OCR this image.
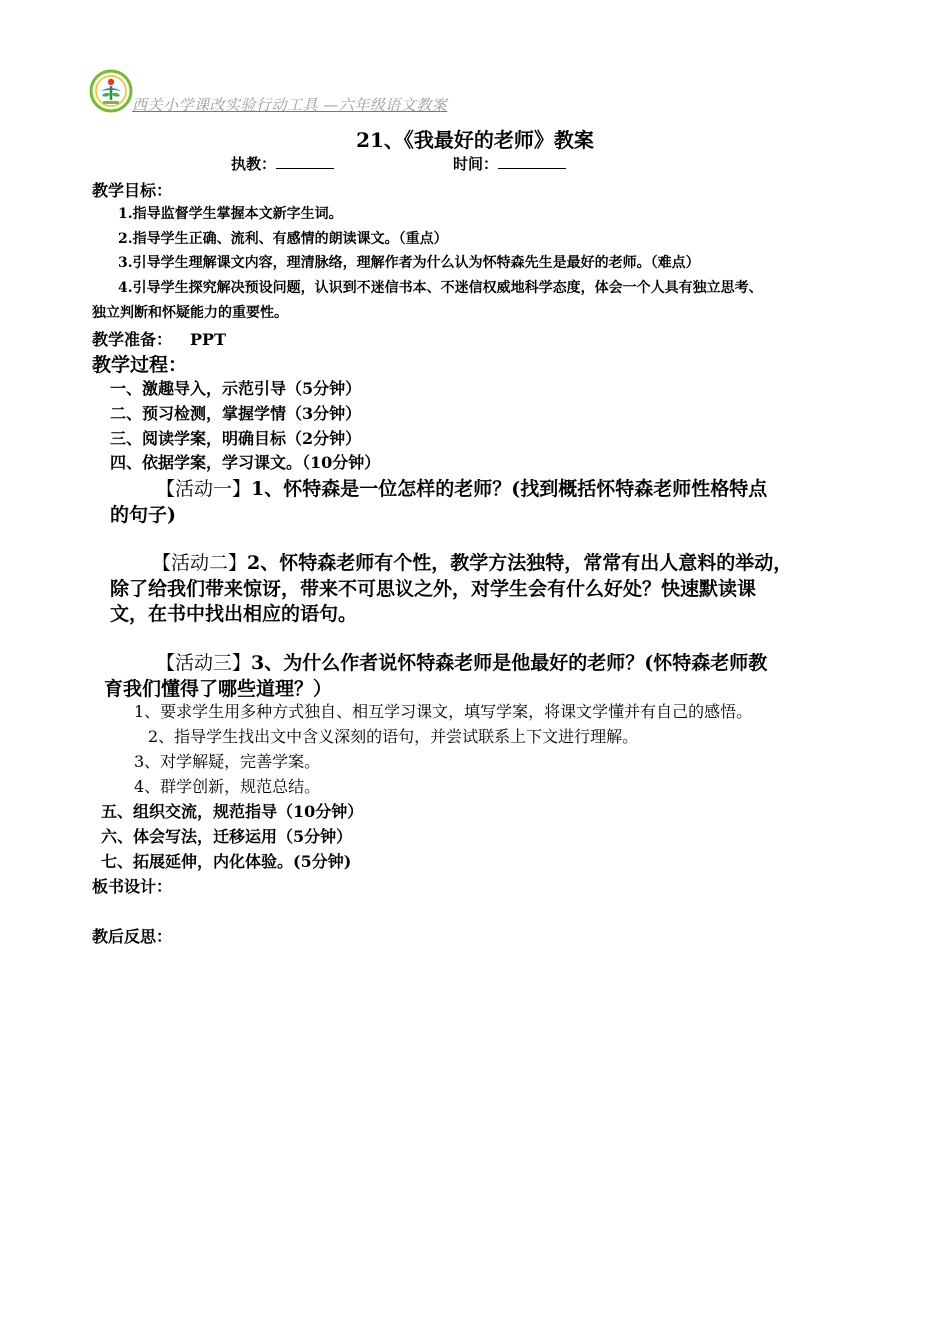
西关小学课改实验行动工具 —六年级语文教案
21、《我最好的老师》教案
执教：	时间：
教学目标：
1.指导监督学生掌握本文新字生词。
2.指导学生正确、流利、有感情的朗读课文。（重点）
3.引导学生理解课文内容，理清脉络，理解作者为什么认为怀特森先生是最好的老师。（难点）
4.引导学生探究解决预设问题，认识到不迷信书本、不迷信权威地科学态度，体会一个人具有独立思考、
独立判断和怀疑能力的重要性。
教学准备： PPT
教学过程：
一、激趣导入，示范引导（5分钟）
二、预习检测，掌握学情（3分钟）
三、阅读学案，明确目标（2分钟）
四、依据学案，学习课文。（10分钟）
【活动一】1、怀特森是一位怎样的老师？(找到概括怀特森老师性格特点
的句子)
【活动二】2、怀特森老师有个性，教学方法独特，常常有出人意料的举动，
除了给我们带来惊讶，带来不可思议之外，对学生会有什么好处？快速默读课
文，在书中找出相应的语句。
【活动三】3、为什么作者说怀特森老师是他最好的老师？(怀特森老师教
育我们懂得了哪些道理？）
1、要求学生用多种方式独自、相互学习课文，填写学案，将课文学懂并有自己的感悟。
2、指导学生找出文中含义深刻的语句，并尝试联系上下文进行理解。
3、对学解疑，完善学案。
4、群学创新，规范总结。
五、组织交流，规范指导（10分钟）
六、体会写法，迁移运用（5分钟）
七、拓展延伸，内化体验。(5分钟)
板书设计：
教后反思：
